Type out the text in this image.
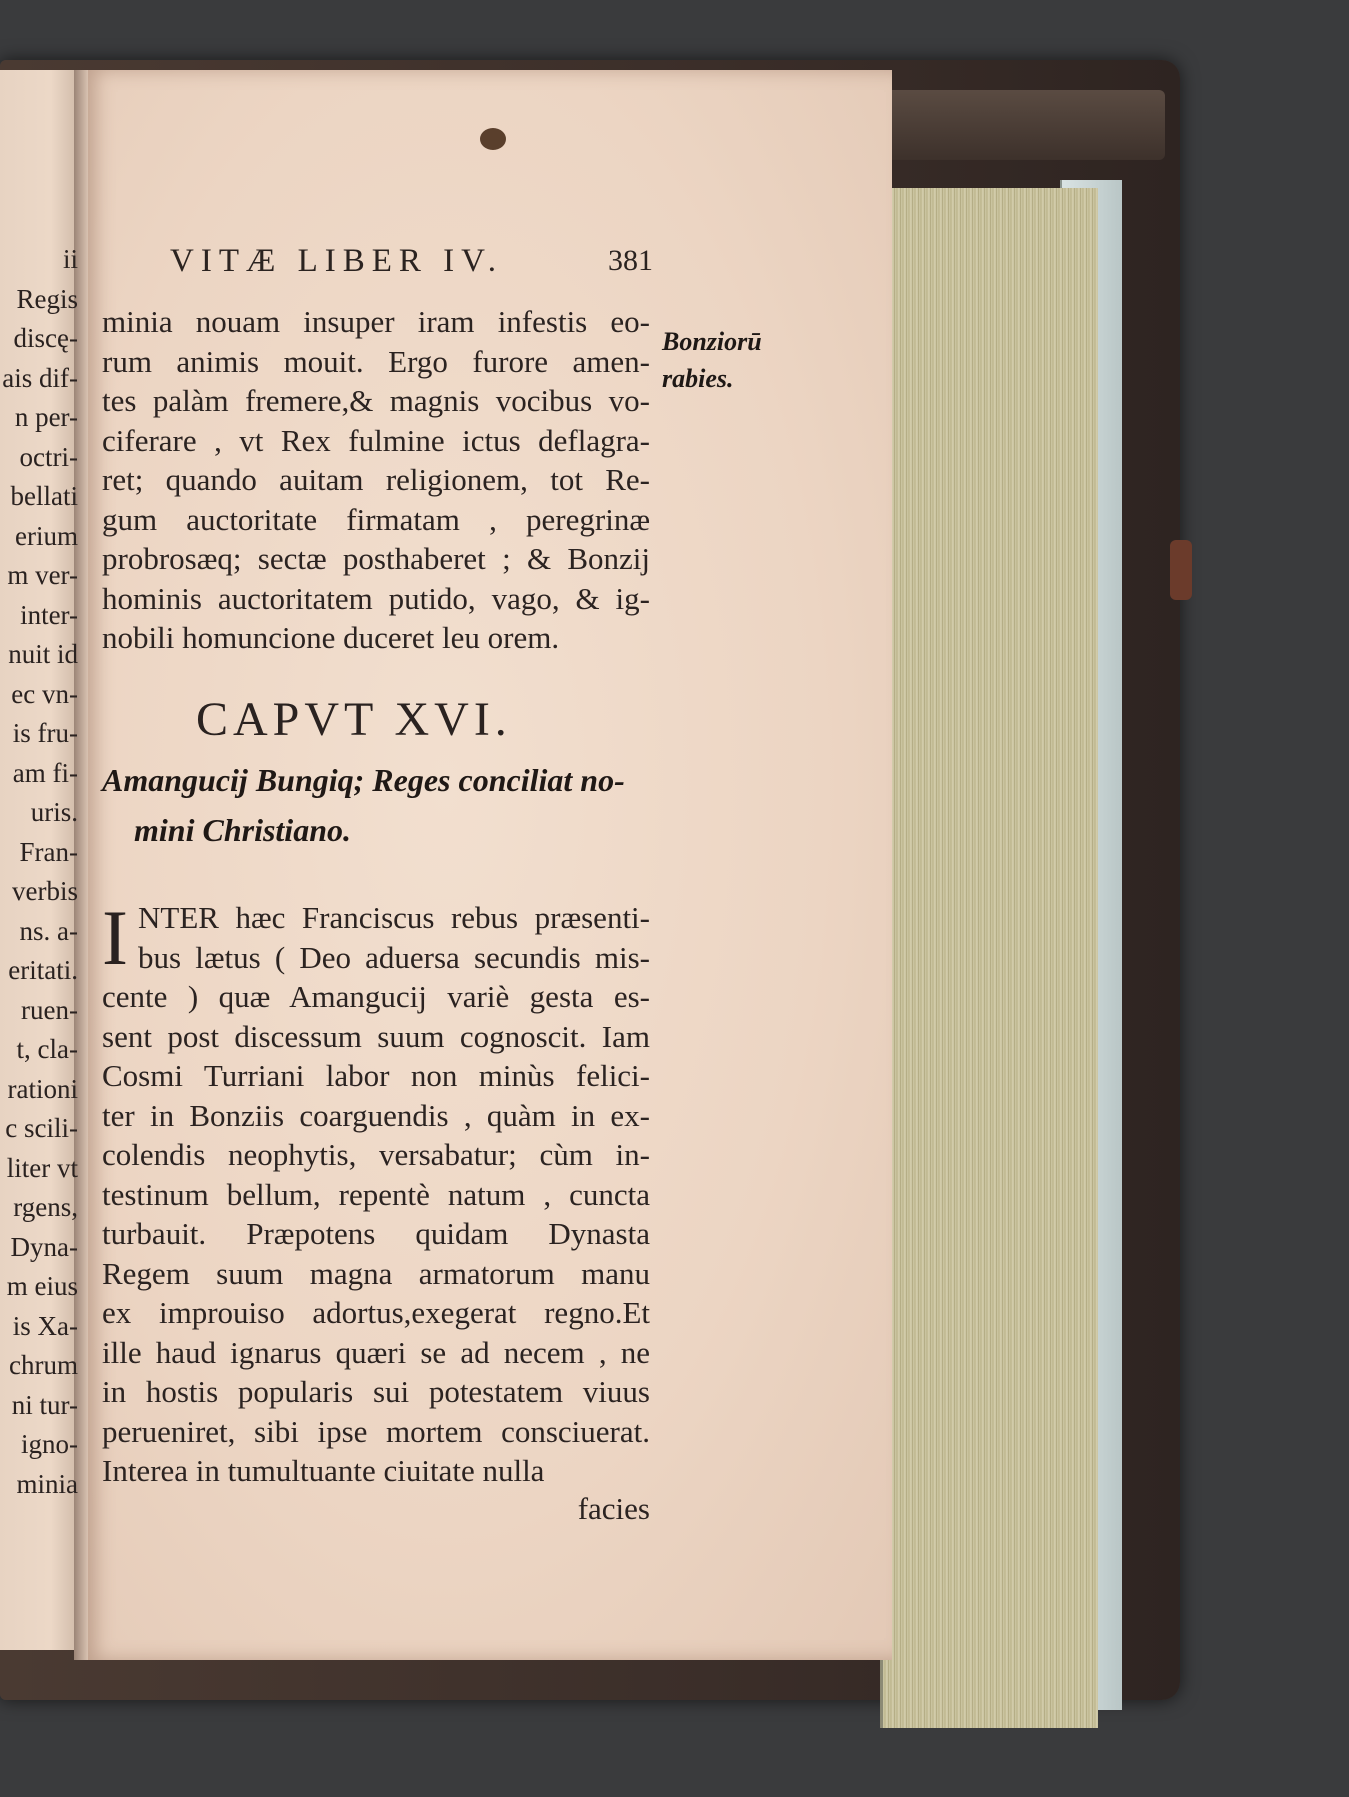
ii
Regis
discę-
ais dif-
n per-
octri-
bellati
erium
m ver-
inter-
nuit id
ec vn-
is fru-
am fi-
uris.
Fran-
verbis
ns. a-
eritati.
ruen-
t, cla-
rationi
c scili-
liter vt
rgens,
Dyna-
m eius
is Xa-
chrum
ni tur-
igno-
minia
VITÆ LIBER IV.	381
minia nouam insuper iram infestis eo-
rum animis mouit. Ergo furore amen-
tes palàm fremere,& magnis vocibus vo-
ciferare , vt Rex fulmine ictus deflagra-
ret; quando auitam religionem, tot Re-
gum auctoritate firmatam , peregrinæ
probrosæq; sectæ posthaberet ; & Bonzij
hominis auctoritatem putido, vago, & ig-
nobili homuncione duceret leu orem.
Bonziorū
rabies.
CAPVT XVI.
Amangucij Bungiq; Reges conciliat no-
mini Christiano.
I NTER hæc Franciscus rebus præsenti-
bus lætus ( Deo aduersa secundis mis-
cente ) quæ Amangucij variè gesta es-
sent post discessum suum cognoscit. Iam
Cosmi Turriani labor non minùs felici-
ter in Bonziis coarguendis , quàm in ex-
colendis neophytis, versabatur; cùm in-
testinum bellum, repentè natum , cuncta
turbauit. Præpotens quidam Dynasta
Regem suum magna armatorum manu
ex improuiso adortus,exegerat regno.Et
ille haud ignarus quæri se ad necem , ne
in hostis popularis sui potestatem viuus
perueniret, sibi ipse mortem consciuerat.
Interea in tumultuante ciuitate nulla
facies
